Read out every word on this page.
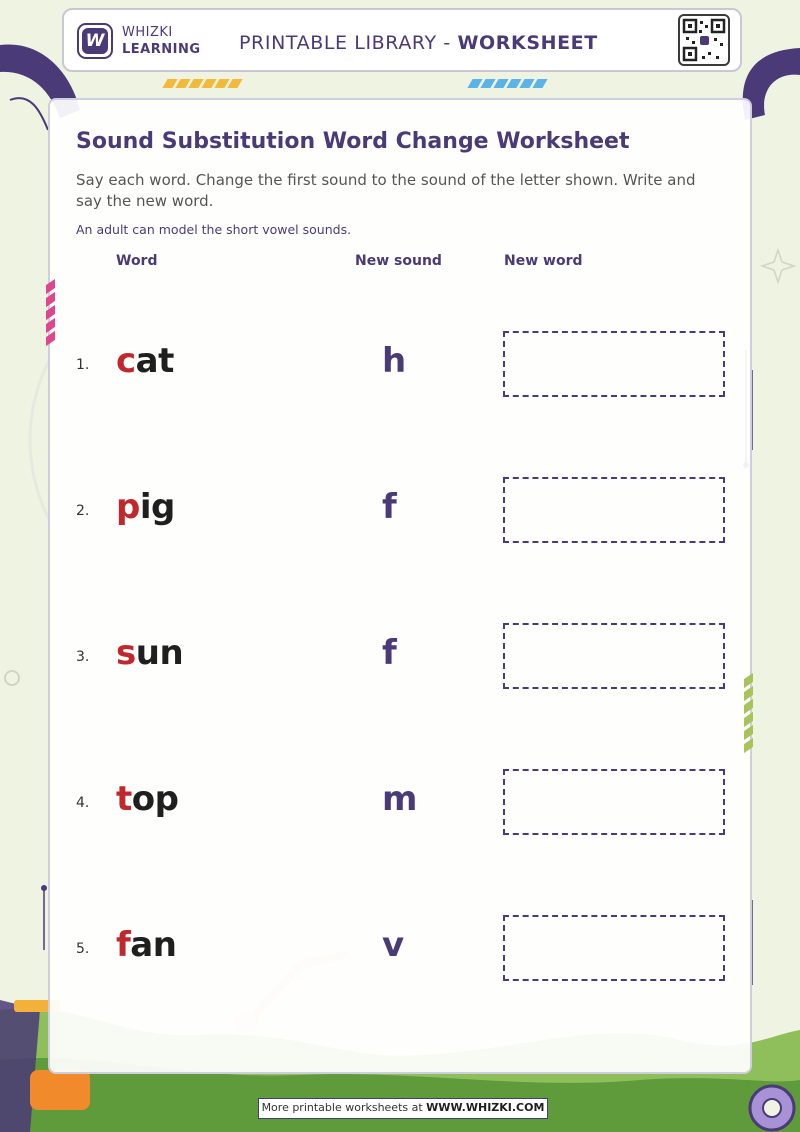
W WHIZKI
LEARNING PRINTABLE LIBRARY - WORKSHEET
Sound Substitution Word Change Worksheet
Say each word. Change the first sound to the sound of the letter shown. Write and say the new word.
An adult can model the short vowel sounds.
Word	New sound	New word
1. cat	h
2. pig	f
3. sun	f
4. top	m
5. fan	v
More printable worksheets at WWW.WHIZKI.COM
